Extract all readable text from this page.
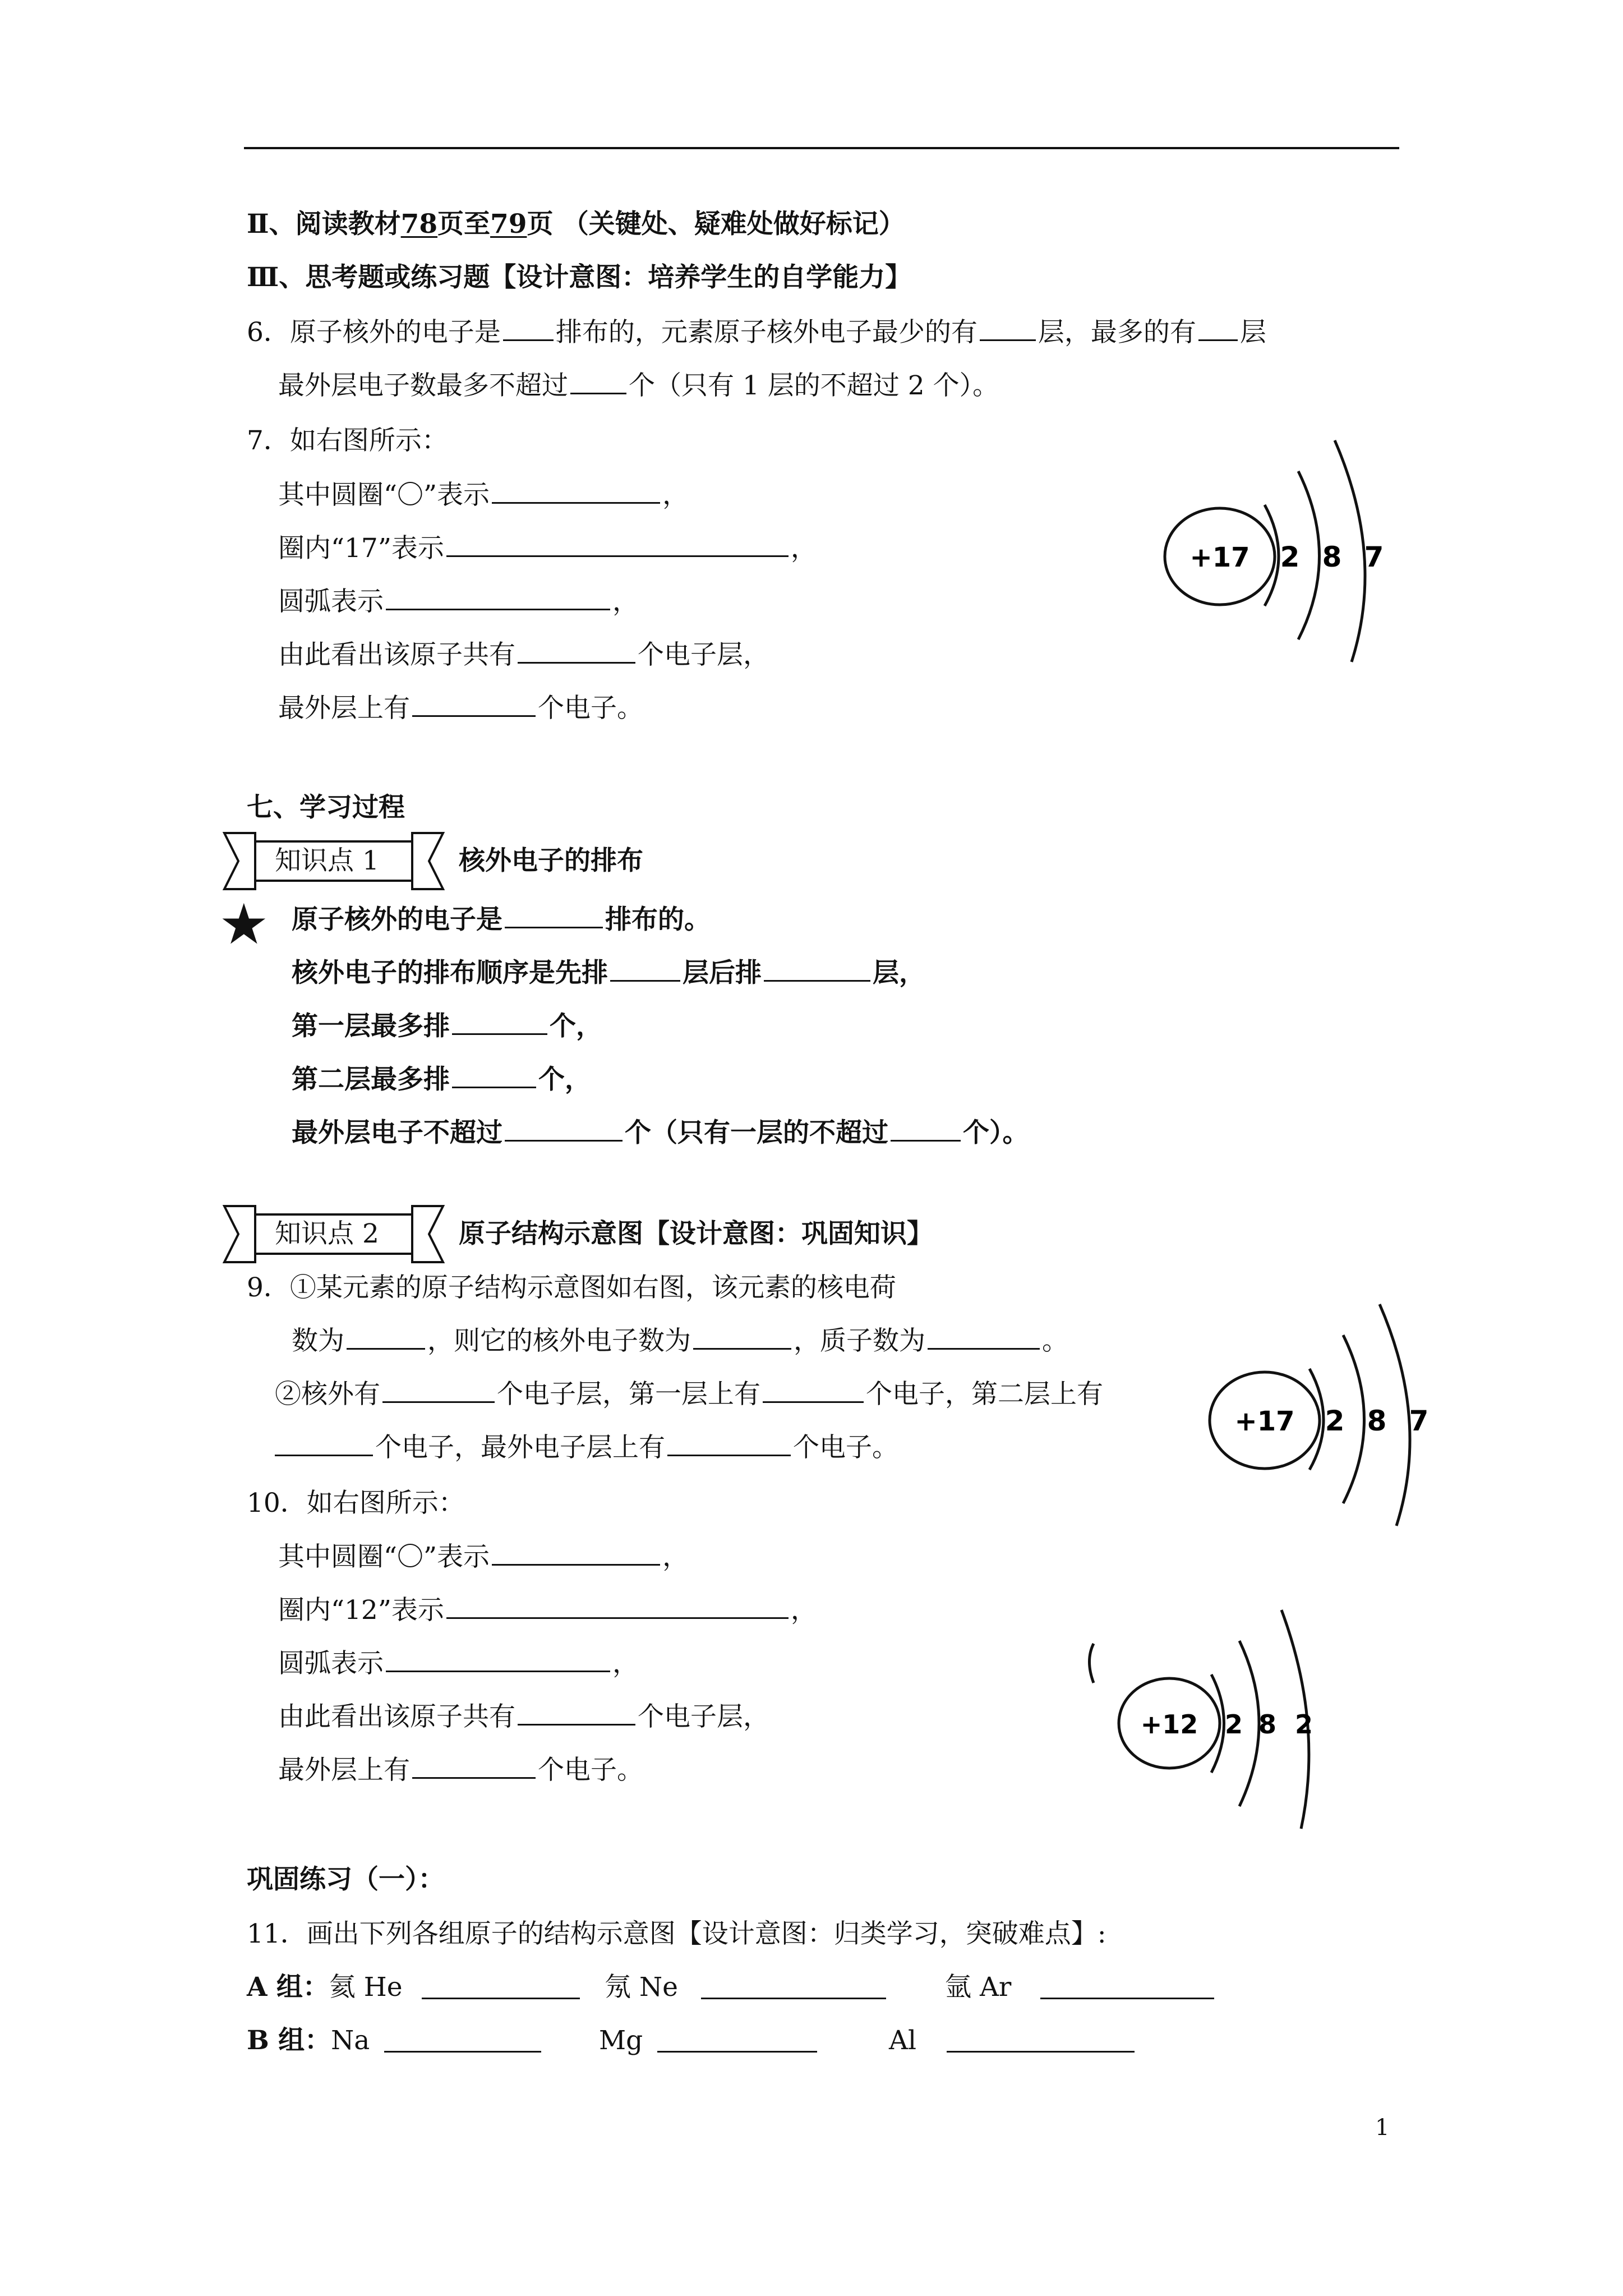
Ⅱ、阅读教材78页至79页 （关键处、疑难处做好标记）
Ⅲ、思考题或练习题【设计意图：培养学生的自学能力】
6．原子核外的电子是 排布的，元素原子核外电子最少的有 层，最多的有 层
最外层电子数最多不超过 个（只有 1 层的不超过 2 个）。
7．如右图所示：
其中圆圈“〇”表示	，
圈内“17”表示	，
圆弧表示	，
由此看出该原子共有	个电子层，
最外层上有	个电子。
+17 2 8 7
七、学习过程
知识点 1	核外电子的排布
★ 原子核外的电子是	排布的。
核外电子的排布顺序是先排	层后排	层，
第一层最多排	个，
第二层最多排	个，
最外层电子不超过	个（只有一层的不超过	个）。
知识点 2	原子结构示意图【设计意图：巩固知识】
9．①某元素的原子结构示意图如右图，该元素的核电荷
数为	，则它的核外电子数为	，质子数为	。
②核外有	个电子层，第一层上有	个电子，第二层上有
个电子，最外电子层上有	个电子。
+17 2 8 7
10．如右图所示：
其中圆圈“〇”表示	，
圈内“12”表示	，
圆弧表示	，
由此看出该原子共有	个电子层，
最外层上有	个电子。
+12 2 8 2
巩固练习（一）：
11．画出下列各组原子的结构示意图【设计意图：归类学习，突破难点】:
A 组：氦 He	氖 Ne	氩 Ar
B 组：Na	Mg	Al
1
